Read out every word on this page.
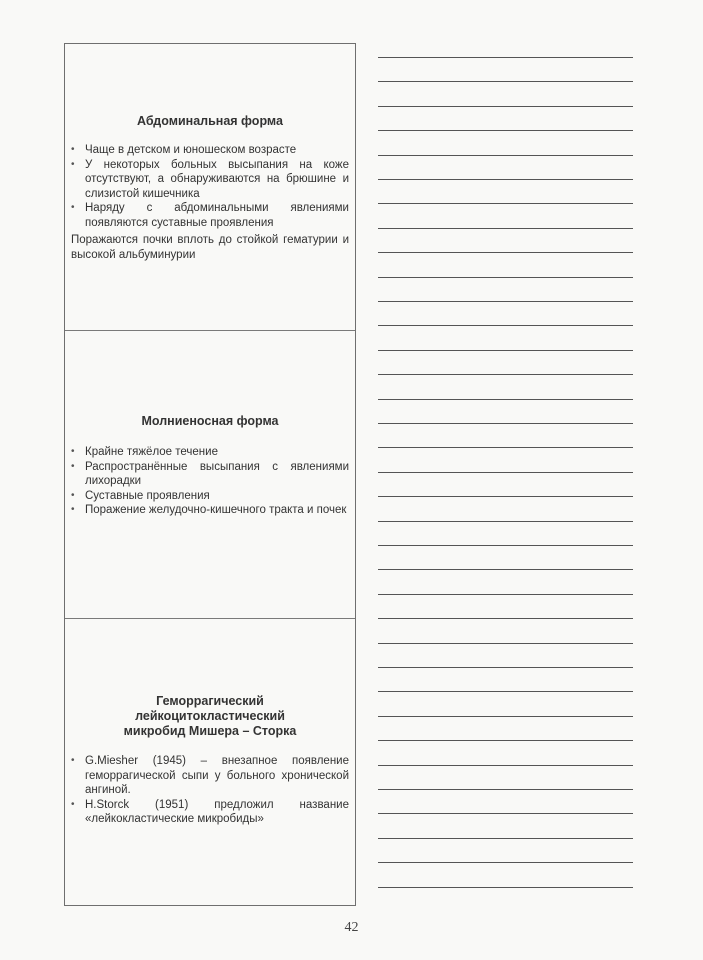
Абдоминальная форма
• Чаще в детском и юношеском возрасте
• У некоторых больных высыпания на коже отсутствуют, а обнаруживаются на брюшине и слизистой кишечника
• Наряду с абдоминальными явлениями появляются суставные проявления
Поражаются почки вплоть до стойкой гематурии и высокой альбуминурии
Молниеносная форма
• Крайне тяжёлое течение
• Распространённые высыпания с явлениями лихорадки
• Суставные проявления
• Поражение желудочно-кишечного тракта и почек
Геморрагический лейкоцитокластический микробид Мишера – Сторка
• G.Miesher (1945) – внезапное появление геморрагической сыпи у больного хронической ангиной.
• H.Storck (1951) предложил название «лейкокластические микробиды»
42
